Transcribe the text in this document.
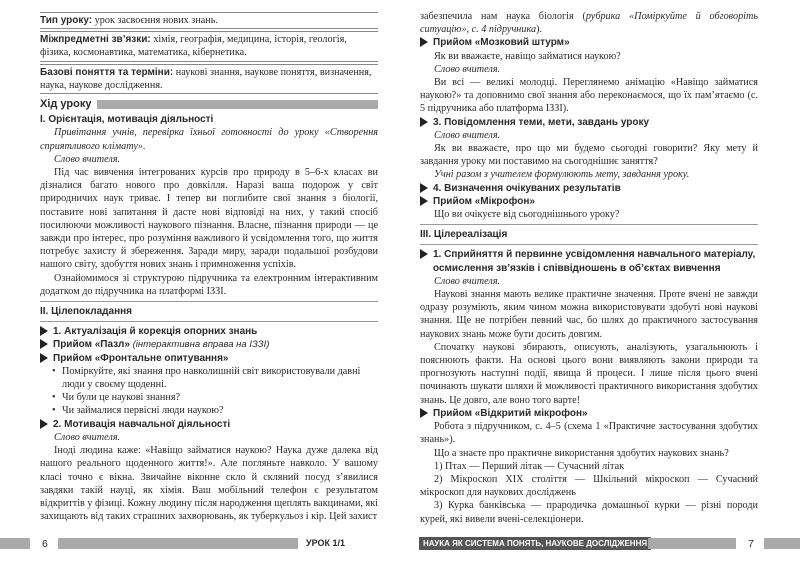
Тип уроку: урок засвоєння нових знань.

Міжпредметні зв’язки: хімія, географія, медицина, історія, геологія, фізика, космонавтика, математика, кібернетика.

Базові поняття та терміни: наукові знання, наукове поняття, визначення, наука, наукове дослідження.

Хід уроку

I. Орієнтація, мотивація діяльності

Привітання учнів, перевірка їхньої готовності до уроку «Створення сприятливого клімату».

Слово вчителя.

Під час вивчення інтегрованих курсів про природу в 5–6-х класах ви дізналися багато нового про довкілля. Наразі ваша подорож у світ природничих наук триває. І тепер ви поглибите свої знання з біології, поставите нові запитання й дасте нові відповіді на них, у такий спосіб посилюючи можливості наукового пізнання. Власне, пізнання природи — це завжди про інтерес, про розуміння важливого й усвідомлення того, що життя потребує захисту й збереження. Заради миру, заради подальшої розбудови нашого світу, здобуття нових знань і примноження успіхів.

Ознайомимося зі структурою підручника та електронним інтерактивним додатком до підручника на платформі ІЗЗІ.

II. Цілепокладання

1. Актуалізація й корекція опорних знань
Прийом «Пазл» (інтерактивна вправа на ІЗЗІ)
Прийом «Фронтальне опитування»

• Поміркуйте, які знання про навколишній світ використовували давні люди у своєму щоденні.

• Чи були це наукові знання?

• Чи займалися первісні люди наукою?

2. Мотивація навчальної діяльності

Слово вчителя.

Іноді людина каже: «Навіщо займатися наукою? Наука дуже далека від нашого реального щоденного життя!». Але погляньте навколо. У вашому класі точно є вікна. Звичайне віконне скло й скляний посуд з’явилися завдяки такій науці, як хімія. Ваш мобільний телефон є результатом відкриттів у фізиці. Кожну людину після народження щеплять вакцинами, які захищають від таких страшних захворювань, як туберкульоз і кір. Цей захист

забезпечила нам наука біологія (рубрика «Поміркуйте й обговоріть ситуацію», с. 4 підручника).

Прийом «Мозковий штурм»

Як ви вважаєте, навіщо займатися наукою?

Слово вчителя.

Ви всі — великі молодці. Переглянемо анімацію «Навіщо займатися наукою?» та доповнимо свої знання або переконаємося, що їх пам’ятаємо (с. 5 підручника або платформа ІЗЗІ).

3. Повідомлення теми, мети, завдань уроку

Слово вчителя.

Як ви вважаєте, про що ми будемо сьогодні говорити? Яку мету й завдання уроку ми поставимо на сьогоднішнє заняття?

Учні разом з учителем формулюють мету, завдання уроку.

4. Визначення очікуваних результатів
Прийом «Мікрофон»

Що ви очікуєте від сьогоднішнього уроку?

III. Цілереалізація

1. Сприйняття й первинне усвідомлення навчального матеріалу, осмислення зв’язків і співвідношень в об’єктах вивчення

Слово вчителя.

Наукові знання мають велике практичне значення. Проте вчені не завжди одразу розуміють, яким чином можна використовувати здобуті нові наукові знання. Ще не потрібен певний час, бо шлях до практичного застосування наукових знань може бути досить довгим.

Спочатку наукові збирають, описують, аналізують, узагальнюють і пояснюють факти. На основі цього вони виявляють закони природи та прогнозують наступні події, явища й процеси. І лише після цього вчені починають шукати шляхи й можливості практичного використання здобутих знань. Це довго, але воно того варте!

Прийом «Відкритий мікрофон»

Робота з підручником, с. 4–5 (схема 1 «Практичне застосування здобутих знань»).

Що а знаєте про практичне використання здобутих наукових знань?

1) Птах — Перший літак — Сучасний літак

2) Мікроскоп XIX століття — Шкільний мікроскоп — Сучасний мікроскоп для наукових досліджень

3) Курка банківська — прародичка домашньої курки — різні породи курей, які вивели вчені-селекціонери.

6	УРОК 1/1	НАУКА ЯК СИСТЕМА ПОНЯТЬ, НАУКОВЕ ДОСЛІДЖЕННЯ	7
